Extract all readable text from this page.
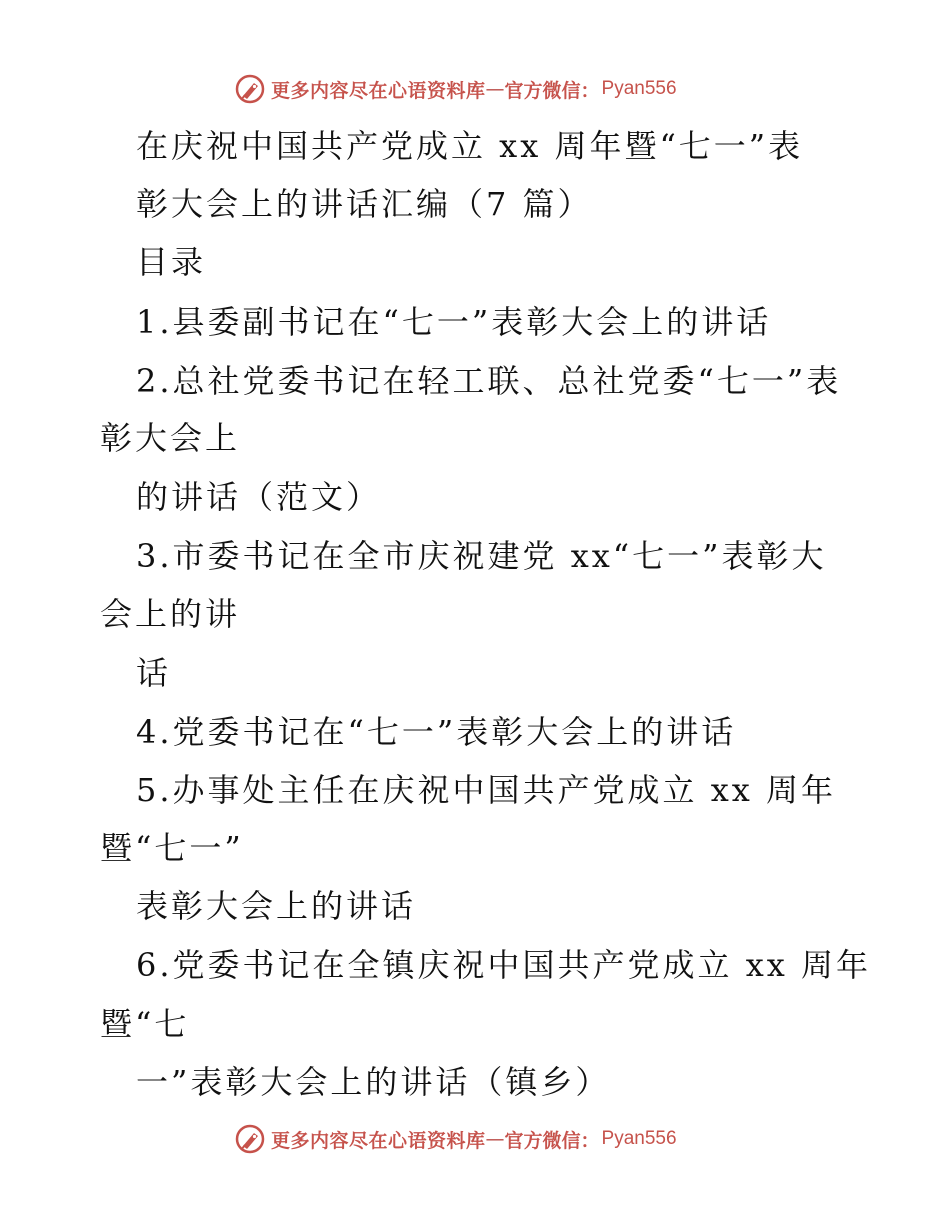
更多内容尽在心语资料库 — 官方微信： Pyan556
在庆祝中国共产党成立 xx 周年暨“七一”表
彰大会上的讲话汇编（7 篇）
目录
1.县委副书记在“七一”表彰大会上的讲话
2.总社党委书记在轻工联、总社党委“七一”表
彰大会上
的讲话（范文）
3.市委书记在全市庆祝建党 xx“七一”表彰大
会上的讲
话
4.党委书记在“七一”表彰大会上的讲话
5.办事处主任在庆祝中国共产党成立 xx 周年
暨“七一”
表彰大会上的讲话
6.党委书记在全镇庆祝中国共产党成立 xx 周年
暨“七
一”表彰大会上的讲话（镇乡）
更多内容尽在心语资料库 — 官方微信： Pyan556
